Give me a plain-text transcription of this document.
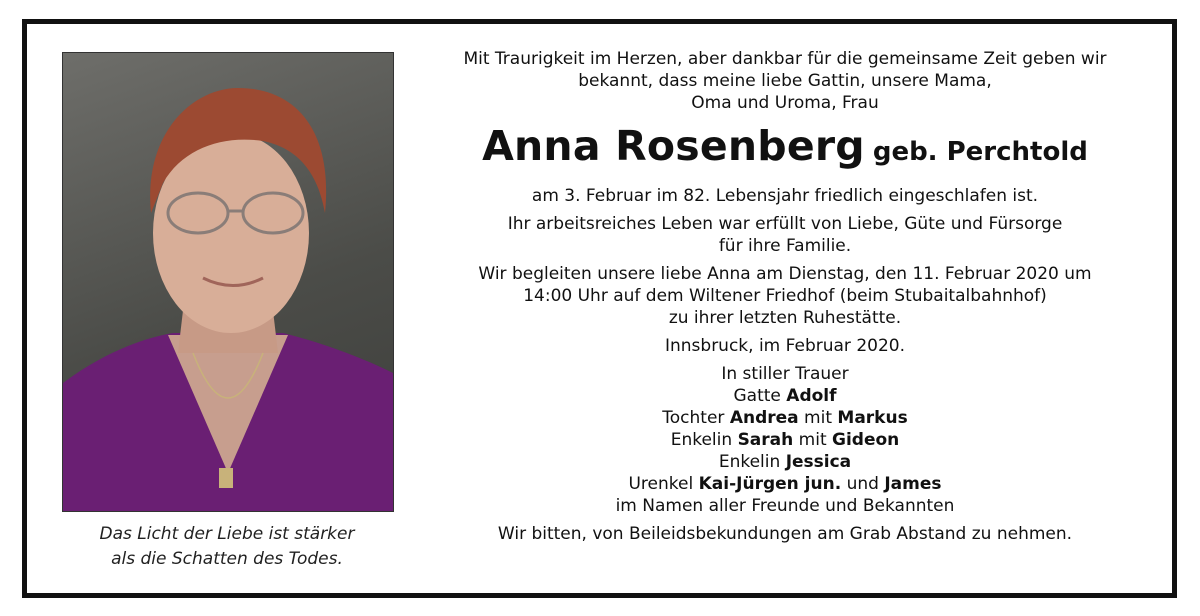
Das Licht der Liebe ist stärker
als die Schatten des Todes.
Mit Traurigkeit im Herzen, aber dankbar für die gemeinsame Zeit geben wir
bekannt, dass meine liebe Gattin, unsere Mama,
Oma und Uroma, Frau
Anna Rosenberg geb. Perchtold
am 3. Februar im 82. Lebensjahr friedlich eingeschlafen ist.
Ihr arbeitsreiches Leben war erfüllt von Liebe, Güte und Fürsorge
für ihre Familie.
Wir begleiten unsere liebe Anna am Dienstag, den 11. Februar 2020 um
14:00 Uhr auf dem Wiltener Friedhof (beim Stubaitalbahnhof)
zu ihrer letzten Ruhestätte.
Innsbruck, im Februar 2020.
In stiller Trauer
Gatte Adolf
Tochter Andrea mit Markus
Enkelin Sarah mit Gideon
Enkelin Jessica
Urenkel Kai-Jürgen jun. und James
im Namen aller Freunde und Bekannten
Wir bitten, von Beileidsbekundungen am Grab Abstand zu nehmen.
